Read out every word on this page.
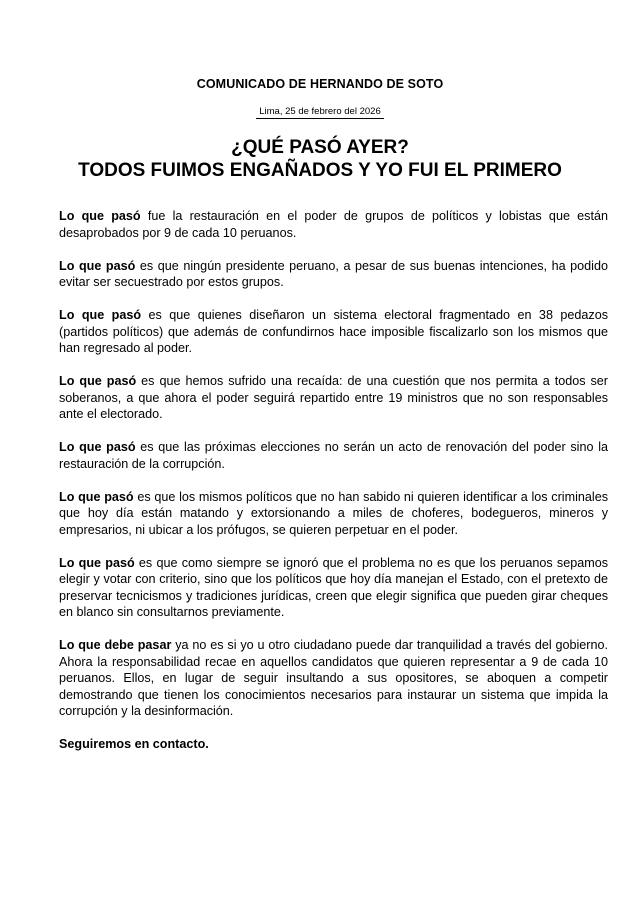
COMUNICADO DE HERNANDO DE SOTO
Lima, 25 de febrero del 2026
¿QUÉ PASÓ AYER?
TODOS FUIMOS ENGAÑADOS Y YO FUI EL PRIMERO

Lo que pasó fue la restauración en el poder de grupos de políticos y lobistas que están desaprobados por 9 de cada 10 peruanos.

Lo que pasó es que ningún presidente peruano, a pesar de sus buenas intenciones, ha podido evitar ser secuestrado por estos grupos.

Lo que pasó es que quienes diseñaron un sistema electoral fragmentado en 38 pedazos (partidos políticos) que además de confundirnos hace imposible fiscalizarlo son los mismos que han regresado al poder.

Lo que pasó es que hemos sufrido una recaída: de una cuestión que nos permita a todos ser soberanos, a que ahora el poder seguirá repartido entre 19 ministros que no son responsables ante el electorado.

Lo que pasó es que las próximas elecciones no serán un acto de renovación del poder sino la restauración de la corrupción.

Lo que pasó es que los mismos políticos que no han sabido ni quieren identificar a los criminales que hoy día están matando y extorsionando a miles de choferes, bodegueros, mineros y empresarios, ni ubicar a los prófugos, se quieren perpetuar en el poder.

Lo que pasó es que como siempre se ignoró que el problema no es que los peruanos sepamos elegir y votar con criterio, sino que los políticos que hoy día manejan el Estado, con el pretexto de preservar tecnicismos y tradiciones jurídicas, creen que elegir significa que pueden girar cheques en blanco sin consultarnos previamente.

Lo que debe pasar ya no es si yo u otro ciudadano puede dar tranquilidad a través del gobierno. Ahora la responsabilidad recae en aquellos candidatos que quieren representar a 9 de cada 10 peruanos. Ellos, en lugar de seguir insultando a sus opositores, se aboquen a competir demostrando que tienen los conocimientos necesarios para instaurar un sistema que impida la corrupción y la desinformación.

Seguiremos en contacto.
